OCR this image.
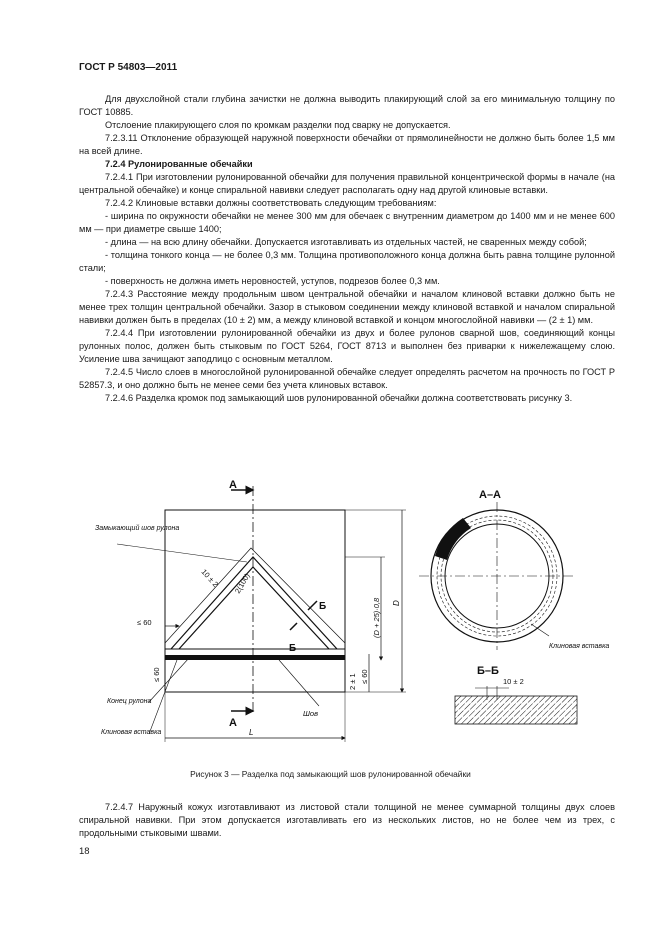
ГОСТ Р 54803—2011

Для двухслойной стали глубина зачистки не должна выводить плакирующий слой за его минимальную толщину по ГОСТ 10885.

Отслоение плакирующего слоя по кромкам разделки под сварку не допускается.

7.2.3.11 Отклонение образующей наружной поверхности обечайки от прямолинейности не должно быть более 1,5 мм на всей длине.

7.2.4 Рулонированные обечайки

7.2.4.1 При изготовлении рулонированной обечайки для получения правильной концентрической формы в начале (на центральной обечайке) и конце спиральной навивки следует располагать одну над другой клиновые вставки.

7.2.4.2 Клиновые вставки должны соответствовать следующим требованиям:

- ширина по окружности обечайки не менее 300 мм для обечаек с внутренним диаметром до 1400 мм и не менее 600 мм — при диаметре свыше 1400;

- длина — на всю длину обечайки. Допускается изготавливать из отдельных частей, не сваренных между собой;

- толщина тонкого конца — не более 0,3 мм. Толщина противоположного конца должна быть равна толщине рулонной стали;

- поверхность не должна иметь неровностей, уступов, подрезов более 0,3 мм.

7.2.4.3 Расстояние между продольным швом центральной обечайки и началом клиновой вставки должно быть не менее трех толщин центральной обечайки. Зазор в стыковом соединении между клиновой вставкой и началом спиральной навивки должен быть в пределах (10 ± 2) мм, а между клиновой вставкой и концом многослойной навивки — (2 ± 1) мм.

7.2.4.4 При изготовлении рулонированной обечайки из двух и более рулонов сварной шов, соединяющий концы рулонных полос, должен быть стыковым по ГОСТ 5264, ГОСТ 8713 и выполнен без приварки к нижележащему слою. Усиление шва зачищают заподлицо с основным металлом.

7.2.4.5 Число слоев в многослойной рулонированной обечайке следует определять расчетом на прочность по ГОСТ Р 52857.3, и оно должно быть не менее семи без учета клиновых вставок.

7.2.4.6 Разделка кромок под замыкающий шов рулонированной обечайки должна соответствовать рисунку 3.

А
А
Б
Б
Замыкающий шов рулона
Конец рулона
Клиновая вставка
Шов
10 ± 2 2(100)
≤ 60
≤ 60	2 ± 1 ≤ 60
(D + 25)·0,8 D
L
А–А
Клиновая вставка
Б–Б
10 ± 2
Рисунок 3 — Разделка под замыкающий шов рулонированной обечайки

7.2.4.7 Наружный кожух изготавливают из листовой стали толщиной не менее суммарной толщины двух слоев спиральной навивки. При этом допускается изготавливать его из нескольких листов, но не более чем из трех, с продольными стыковыми швами.

18
